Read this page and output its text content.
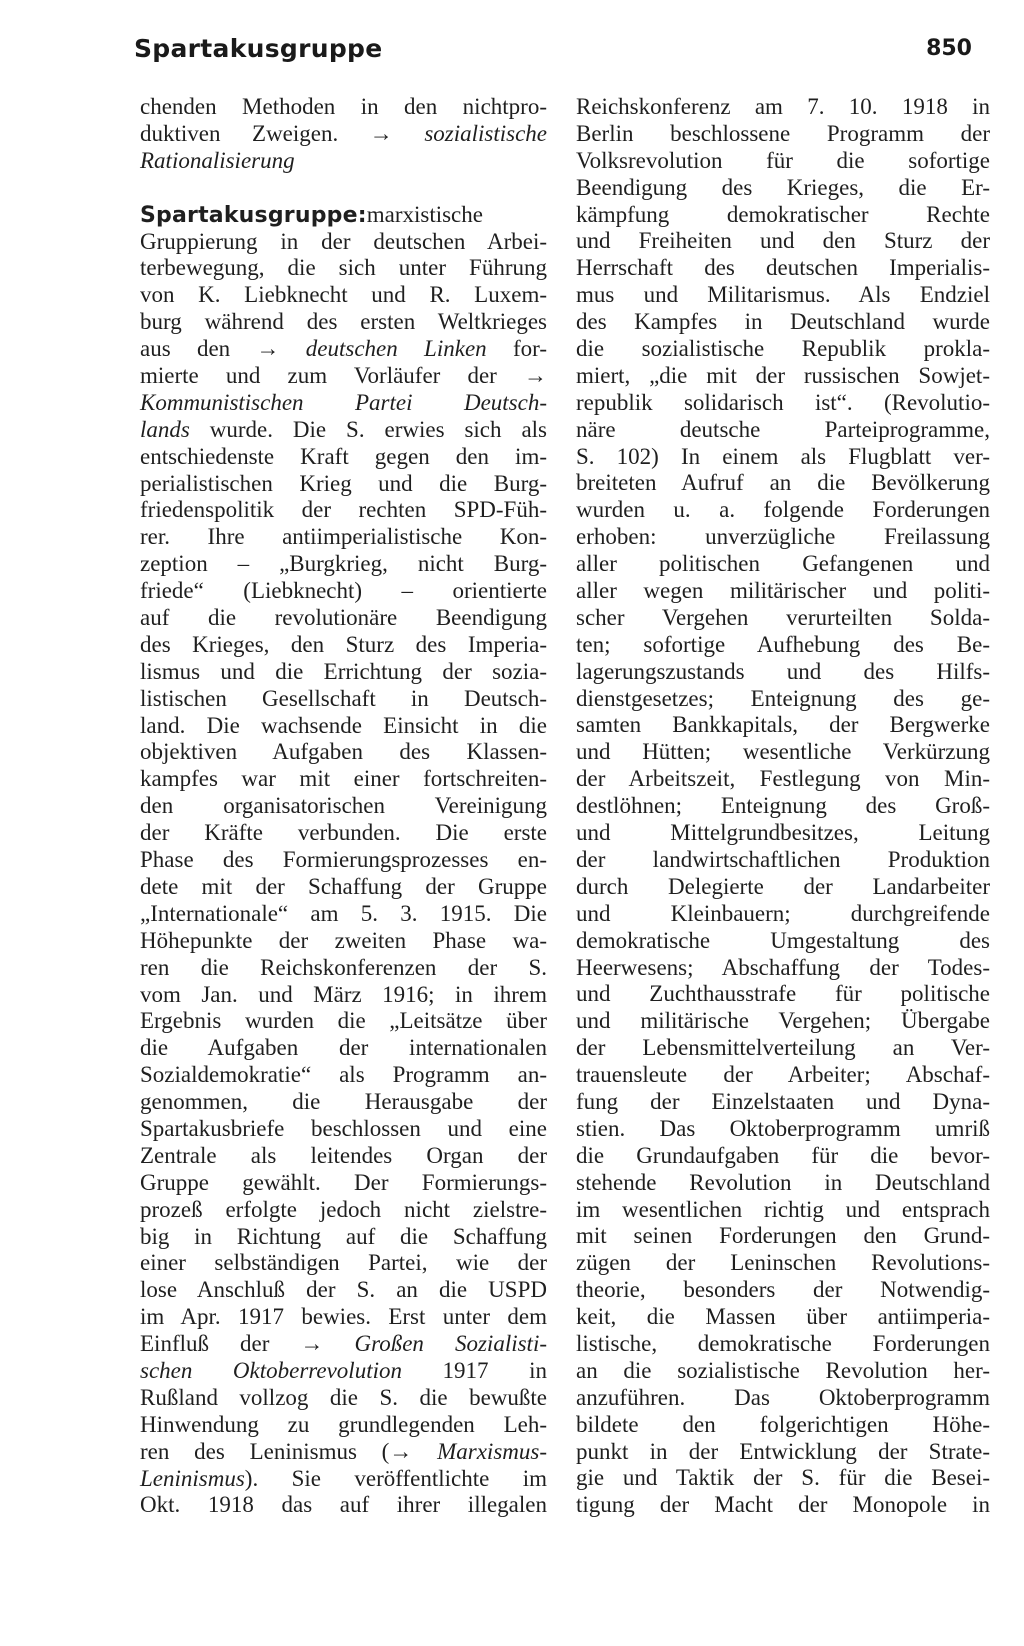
Spartakusgruppe	850
chenden Methoden in den nichtpro-
duktiven Zweigen. → sozialistische
Rationalisierung
Spartakusgruppe:marxistische
Gruppierung in der deutschen Arbei-
terbewegung, die sich unter Führung
von K. Liebknecht und R. Luxem-
burg während des ersten Weltkrieges
aus den → deutschen Linken for-
mierte und zum Vorläufer der →
Kommunistischen Partei Deutsch-
lands wurde. Die S. erwies sich als
entschiedenste Kraft gegen den im-
perialistischen Krieg und die Burg-
friedenspolitik der rechten SPD-Füh-
rer. Ihre antiimperialistische Kon-
zeption – „Burgkrieg, nicht Burg-
friede“ (Liebknecht) – orientierte
auf die revolutionäre Beendigung
des Krieges, den Sturz des Imperia-
lismus und die Errichtung der sozia-
listischen Gesellschaft in Deutsch-
land. Die wachsende Einsicht in die
objektiven Aufgaben des Klassen-
kampfes war mit einer fortschreiten-
den organisatorischen Vereinigung
der Kräfte verbunden. Die erste
Phase des Formierungsprozesses en-
dete mit der Schaffung der Gruppe
„Internationale“ am 5. 3. 1915. Die
Höhepunkte der zweiten Phase wa-
ren die Reichskonferenzen der S.
vom Jan. und März 1916; in ihrem
Ergebnis wurden die „Leitsätze über
die Aufgaben der internationalen
Sozialdemokratie“ als Programm an-
genommen, die Herausgabe der
Spartakusbriefe beschlossen und eine
Zentrale als leitendes Organ der
Gruppe gewählt. Der Formierungs-
prozeß erfolgte jedoch nicht zielstre-
big in Richtung auf die Schaffung
einer selbständigen Partei, wie der
lose Anschluß der S. an die USPD
im Apr. 1917 bewies. Erst unter dem
Einfluß der → Großen Sozialisti-
schen Oktoberrevolution 1917 in
Rußland vollzog die S. die bewußte
Hinwendung zu grundlegenden Leh-
ren des Leninismus (→ Marxismus-
Leninismus). Sie veröffentlichte im
Okt. 1918 das auf ihrer illegalen
Reichskonferenz am 7. 10. 1918 in
Berlin beschlossene Programm der
Volksrevolution für die sofortige
Beendigung des Krieges, die Er-
kämpfung demokratischer Rechte
und Freiheiten und den Sturz der
Herrschaft des deutschen Imperialis-
mus und Militarismus. Als Endziel
des Kampfes in Deutschland wurde
die sozialistische Republik prokla-
miert, „die mit der russischen Sowjet-
republik solidarisch ist“. (Revolutio-
näre deutsche Parteiprogramme,
S. 102) In einem als Flugblatt ver-
breiteten Aufruf an die Bevölkerung
wurden u. a. folgende Forderungen
erhoben: unverzügliche Freilassung
aller politischen Gefangenen und
aller wegen militärischer und politi-
scher Vergehen verurteilten Solda-
ten; sofortige Aufhebung des Be-
lagerungszustands und des Hilfs-
dienstgesetzes; Enteignung des ge-
samten Bankkapitals, der Bergwerke
und Hütten; wesentliche Verkürzung
der Arbeitszeit, Festlegung von Min-
destlöhnen; Enteignung des Groß-
und Mittelgrundbesitzes, Leitung
der landwirtschaftlichen Produktion
durch Delegierte der Landarbeiter
und Kleinbauern; durchgreifende
demokratische Umgestaltung des
Heerwesens; Abschaffung der Todes-
und Zuchthausstrafe für politische
und militärische Vergehen; Übergabe
der Lebensmittelverteilung an Ver-
trauensleute der Arbeiter; Abschaf-
fung der Einzelstaaten und Dyna-
stien. Das Oktoberprogramm umriß
die Grundaufgaben für die bevor-
stehende Revolution in Deutschland
im wesentlichen richtig und entsprach
mit seinen Forderungen den Grund-
zügen der Leninschen Revolutions-
theorie, besonders der Notwendig-
keit, die Massen über antiimperia-
listische, demokratische Forderungen
an die sozialistische Revolution her-
anzuführen. Das Oktoberprogramm
bildete den folgerichtigen Höhe-
punkt in der Entwicklung der Strate-
gie und Taktik der S. für die Besei-
tigung der Macht der Monopole in
